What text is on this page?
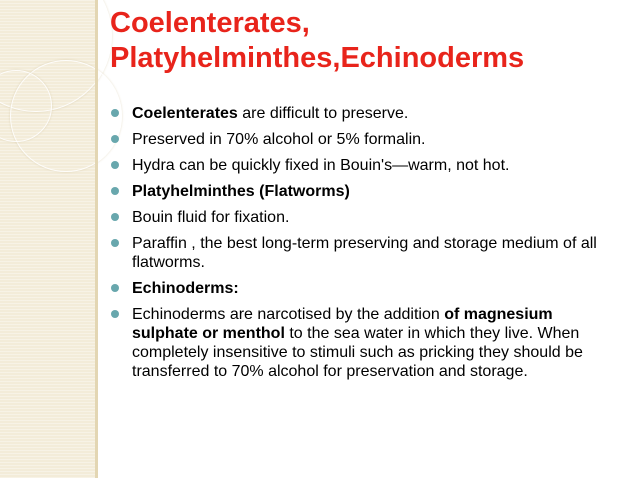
Coelenterates,
Platyhelminthes,Echinoderms
Coelenterates are difficult to preserve.
Preserved in 70% alcohol or 5% formalin.
Hydra can be quickly fixed in Bouin's—warm, not hot.
Platyhelminthes (Flatworms)
Bouin fluid for fixation.
Paraffin , the best long-term preserving and storage medium of all flatworms.
Echinoderms:
Echinoderms are narcotised by the addition of magnesium sulphate or menthol to the sea water in which they live. When completely insensitive to stimuli such as pricking they should be transferred to 70% alcohol for preservation and storage.
